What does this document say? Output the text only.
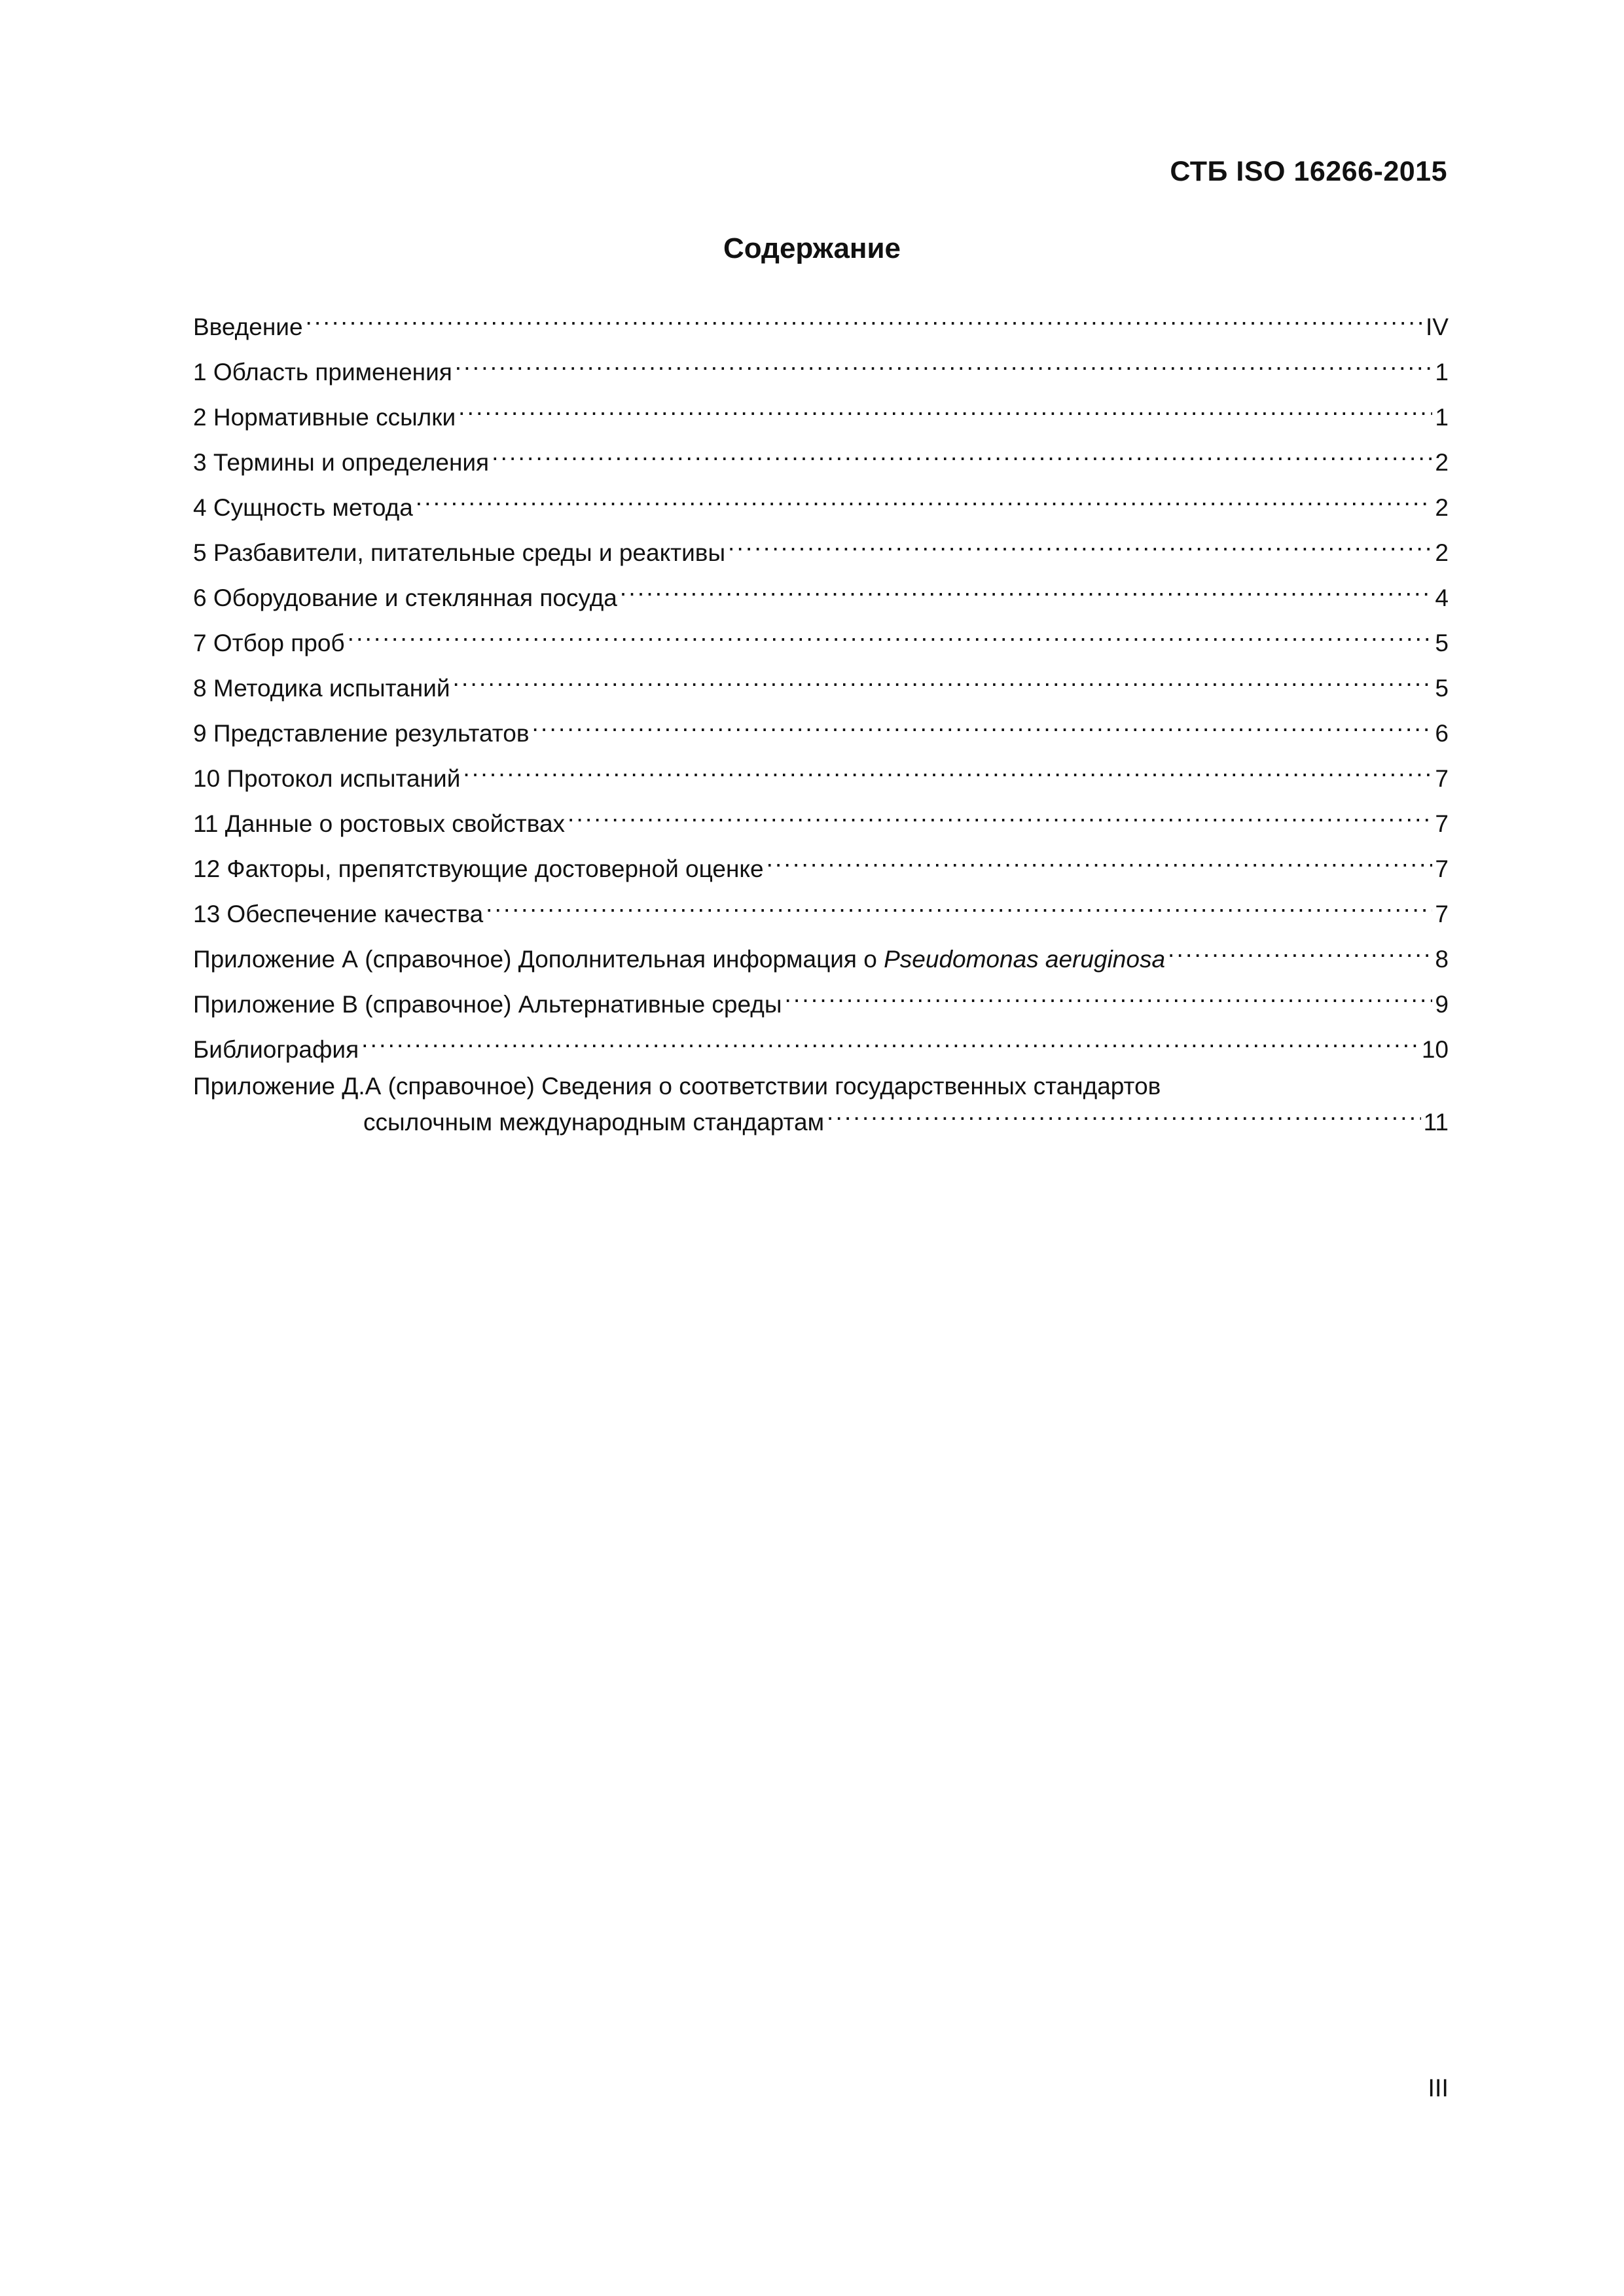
СТБ ISO 16266-2015
Содержание
Введение .....	IV
1 Область применения .....	1
2 Нормативные ссылки .....	1
3 Термины и определения .....	2
4 Сущность метода .....	2
5 Разбавители, питательные среды и реактивы .....	2
6 Оборудование и стеклянная посуда .....	4
7 Отбор проб .....	5
8 Методика испытаний .....	5
9 Представление результатов .....	6
10 Протокол испытаний .....	7
11 Данные о ростовых свойствах .....	7
12 Факторы, препятствующие достоверной оценке .....	7
13 Обеспечение качества .....	7
Приложение А (справочное) Дополнительная информация о Pseudomonas aeruginosa .....	8
Приложение В (справочное) Альтернативные среды .....	9
Библиография .....	10
Приложение Д.А (справочное) Сведения о соответствии государственных стандартов
ссылочным международным стандартам .....	11
III
